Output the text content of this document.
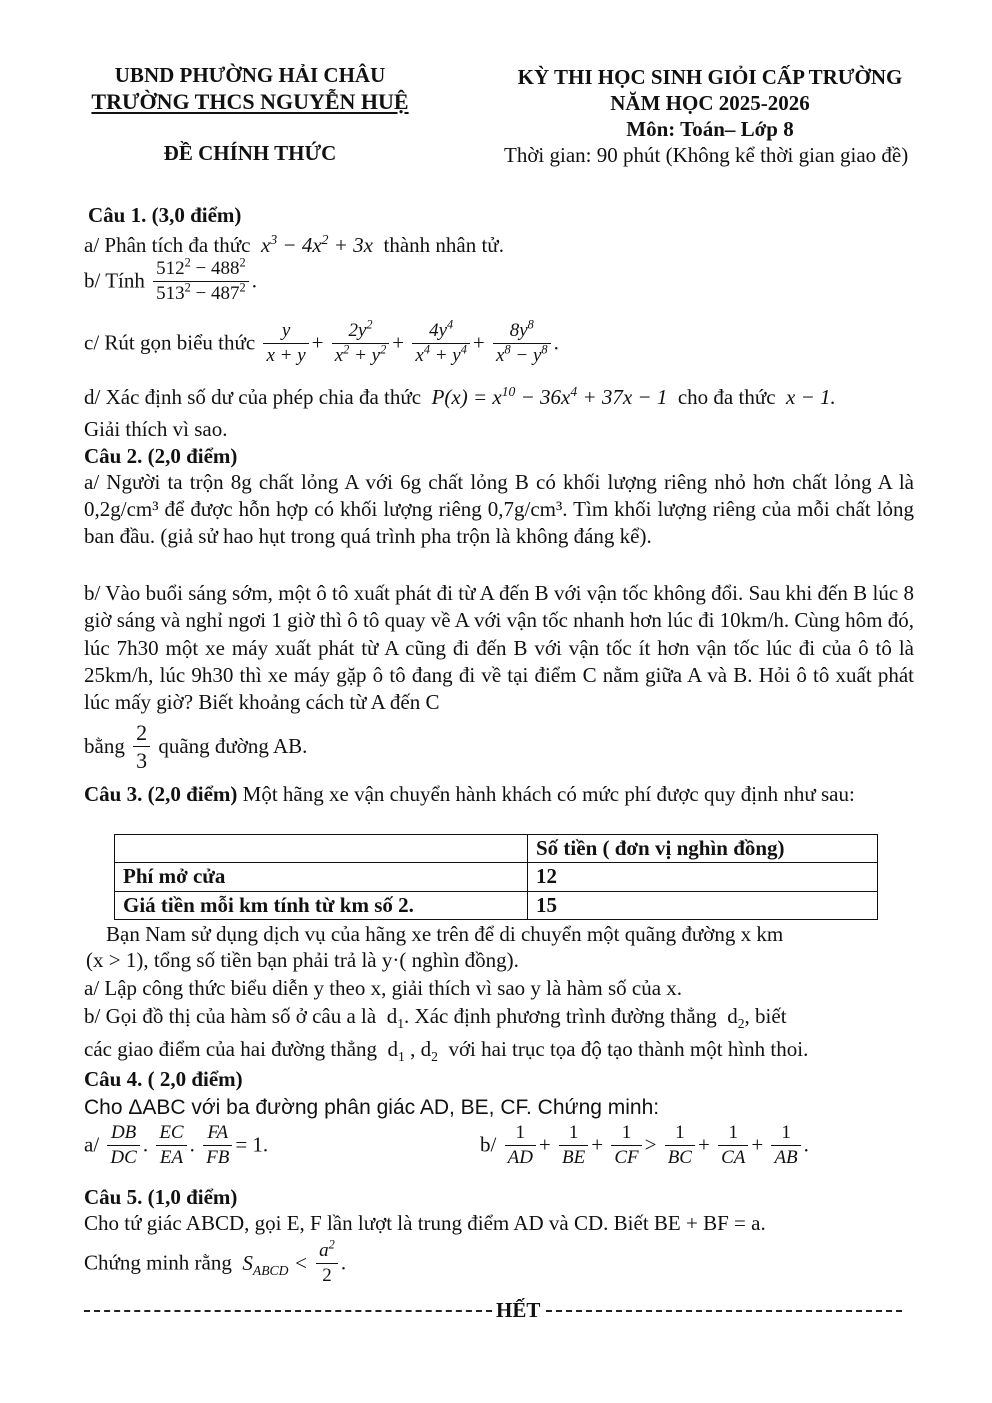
UBND PHƯỜNG HẢI CHÂU
TRƯỜNG THCS NGUYỄN HUỆ
ĐỀ CHÍNH THỨC
KỲ THI HỌC SINH GIỎI CẤP TRƯỜNG
NĂM HỌC 2025-2026
Môn: Toán– Lớp 8
Thời gian: 90 phút (Không kể thời gian giao đề)
Câu 1. (3,0 điểm)
a/ Phân tích đa thức  $x^3 - 4x^2 + 3x$  thành nhân tử.
b/ Tính $\frac{512^2 - 488^2}{513^2 - 487^2}$ .
c/ Rút gọn biểu thức $\frac{y}{x + y} + \frac{2y^2}{x^2 + y^2} + \frac{4y^4}{x^4 + y^4} + \frac{8y^8}{x^8 - y^8}$ .
d/ Xác định số dư của phép chia đa thức  $P(x) = x^{10} - 36x^4 + 37x - 1$  cho đa thức  x − 1.
Giải thích vì sao.
Câu 2. (2,0 điểm)
a/ Người ta trộn 8g chất lỏng A với 6g chất lỏng B có khối lượng riêng nhỏ hơn chất lỏng A là 0,2g/cm³ để được hỗn hợp có khối lượng riêng 0,7g/cm³. Tìm khối lượng riêng của mỗi chất lỏng ban đầu. (giả sử hao hụt trong quá trình pha trộn là không đáng kể).
b/ Vào buổi sáng sớm, một ô tô xuất phát đi từ A đến B với vận tốc không đổi. Sau khi đến B lúc 8 giờ sáng và nghỉ ngơi 1 giờ thì ô tô quay về A với vận tốc nhanh hơn lúc đi 10km/h. Cùng hôm đó, lúc 7h30 một xe máy xuất phát từ A cũng đi đến B với vận tốc ít hơn vận tốc lúc đi của ô tô là 25km/h, lúc 9h30 thì xe máy gặp ô tô đang đi về tại điểm C nằm giữa A và B. Hỏi ô tô xuất phát lúc mấy giờ? Biết khoảng cách từ A đến C
bằng $\frac{2}{3}$ quãng đường AB.
Câu 3. (2,0 điểm) Một hãng xe vận chuyển hành khách có mức phí được quy định như sau:
	Số tiền ( đơn vị nghìn đồng)
Phí mở cửa	12
Giá tiền mỗi km tính từ km số 2.	15
Bạn Nam sử dụng dịch vụ của hãng xe trên để di chuyển một quãng đường x km
(x > 1), tổng số tiền bạn phải trả là y·( nghìn đồng).
a/ Lập công thức biểu diễn y theo x, giải thích vì sao y là hàm số của x.
b/ Gọi đồ thị của hàm số ở câu a là  $d_1$. Xác định phương trình đường thẳng  $d_2$, biết
các giao điểm của hai đường thẳng  $d_1$ , $d_2$ với hai trục tọa độ tạo thành một hình thoi.
Câu 4. ( 2,0 điểm)
Cho ΔABC với ba đường phân giác AD, BE, CF. Chứng minh:
$a/ \frac{DB}{DC}$ . $\frac{EC}{EA}$ . $\frac{FA}{FB} = 1$.	$b/ \frac{1}{AD} + \frac{1}{BE} + \frac{1}{CF} > \frac{1}{BC} + \frac{1}{CA} + \frac{1}{AB}$ .
Câu 5. (1,0 điểm)
Cho tứ giác ABCD, gọi E, F lần lượt là trung điểm AD và CD. Biết BE + BF = a.
Chứng minh rằng  $S_{ABCD} < \frac{a^2}{2}$ .
HẾT
